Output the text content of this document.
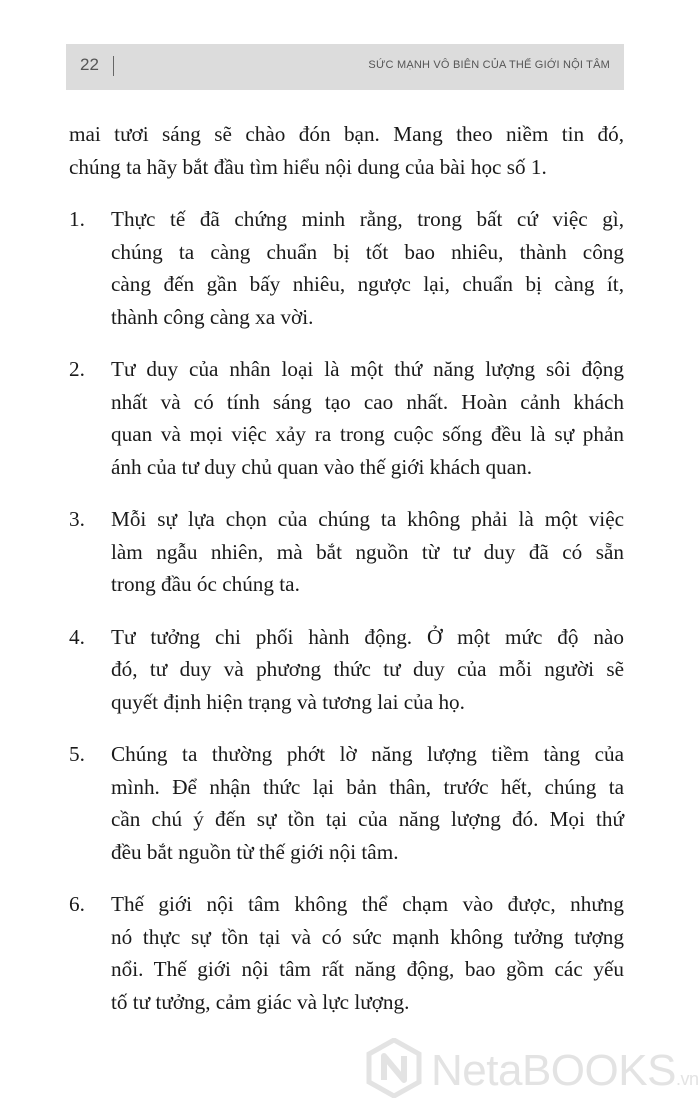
22	SỨC MẠNH VÔ BIÊN CỦA THẾ GIỚI NỘI TÂM

mai tươi sáng sẽ chào đón bạn. Mang theo niềm tin đó,
chúng ta hãy bắt đầu tìm hiểu nội dung của bài học số 1.

1. Thực tế đã chứng minh rằng, trong bất cứ việc gì,
chúng ta càng chuẩn bị tốt bao nhiêu, thành công
càng đến gần bấy nhiêu, ngược lại, chuẩn bị càng ít,
thành công càng xa vời.
2. Tư duy của nhân loại là một thứ năng lượng sôi động
nhất và có tính sáng tạo cao nhất. Hoàn cảnh khách
quan và mọi việc xảy ra trong cuộc sống đều là sự phản
ánh của tư duy chủ quan vào thế giới khách quan.
3. Mỗi sự lựa chọn của chúng ta không phải là một việc
làm ngẫu nhiên, mà bắt nguồn từ tư duy đã có sẵn
trong đầu óc chúng ta.
4. Tư tưởng chi phối hành động. Ở một mức độ nào
đó, tư duy và phương thức tư duy của mỗi người sẽ
quyết định hiện trạng và tương lai của họ.
5. Chúng ta thường phớt lờ năng lượng tiềm tàng của
mình. Để nhận thức lại bản thân, trước hết, chúng ta
cần chú ý đến sự tồn tại của năng lượng đó. Mọi thứ
đều bắt nguồn từ thế giới nội tâm.
6. Thế giới nội tâm không thể chạm vào được, nhưng
nó thực sự tồn tại và có sức mạnh không tưởng tượng
nổi. Thế giới nội tâm rất năng động, bao gồm các yếu
tố tư tưởng, cảm giác và lực lượng.
NetaBOOKS.vn
